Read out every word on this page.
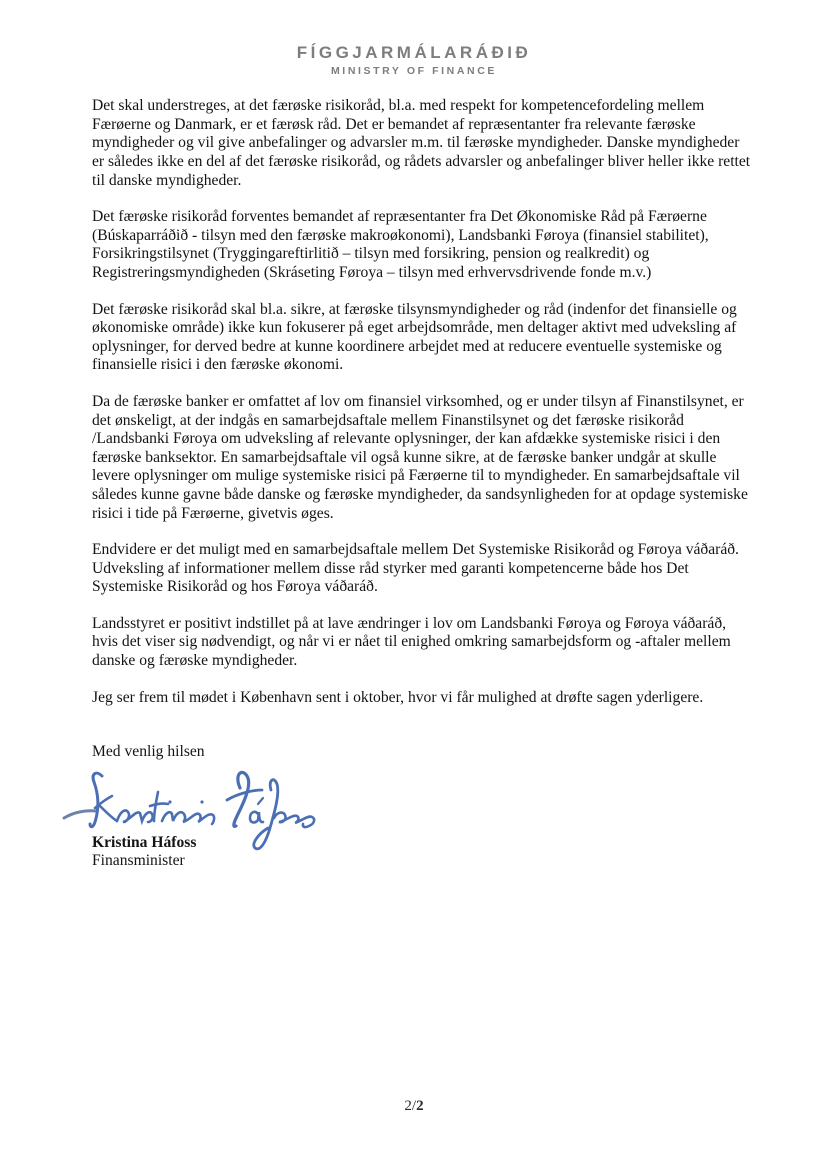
FÍGGJARMÁLARÁÐIÐ
MINISTRY OF FINANCE

Det skal understreges, at det færøske risikoråd, bl.a. med respekt for kompetencefordeling mellem Færøerne og Danmark, er et færøsk råd. Det er bemandet af repræsentanter fra relevante færøske myndigheder og vil give anbefalinger og advarsler m.m. til færøske myndigheder. Danske myndigheder er således ikke en del af det færøske risikoråd, og rådets advarsler og anbefalinger bliver heller ikke rettet til danske myndigheder.

Det færøske risikoråd forventes bemandet af repræsentanter fra Det Økonomiske Råd på Færøerne (Búskaparráðið - tilsyn med den færøske makroøkonomi), Landsbanki Føroya (finansiel stabilitet), Forsikringstilsynet (Tryggingareftirlitið – tilsyn med forsikring, pension og realkredit) og Registreringsmyndigheden (Skráseting Føroya – tilsyn med erhvervsdrivende fonde m.v.)

Det færøske risikoråd skal bl.a. sikre, at færøske tilsynsmyndigheder og råd (indenfor det finansielle og økonomiske område) ikke kun fokuserer på eget arbejdsområde, men deltager aktivt med udveksling af oplysninger, for derved bedre at kunne koordinere arbejdet med at reducere eventuelle systemiske og finansielle risici i den færøske økonomi.

Da de færøske banker er omfattet af lov om finansiel virksomhed, og er under tilsyn af Finanstilsynet, er det ønskeligt, at der indgås en samarbejdsaftale mellem Finanstilsynet og det færøske risikoråd /Landsbanki Føroya om udveksling af relevante oplysninger, der kan afdække systemiske risici i den færøske banksektor. En samarbejdsaftale vil også kunne sikre, at de færøske banker undgår at skulle levere oplysninger om mulige systemiske risici på Færøerne til to myndigheder. En samarbejdsaftale vil således kunne gavne både danske og færøske myndigheder, da sandsynligheden for at opdage systemiske risici i tide på Færøerne, givetvis øges.

Endvidere er det muligt med en samarbejdsaftale mellem Det Systemiske Risikoråd og Føroya váðaráð. Udveksling af informationer mellem disse råd styrker med garanti kompetencerne både hos Det Systemiske Risikoråd og hos Føroya váðaráð.

Landsstyret er positivt indstillet på at lave ændringer i lov om Landsbanki Føroya og Føroya váðaráð, hvis det viser sig nødvendigt, og når vi er nået til enighed omkring samarbejdsform og -aftaler mellem danske og færøske myndigheder.

Jeg ser frem til mødet i København sent i oktober, hvor vi får mulighed at drøfte sagen yderligere.

Med venlig hilsen
Kristina Háfoss
Finansminister
2/2
